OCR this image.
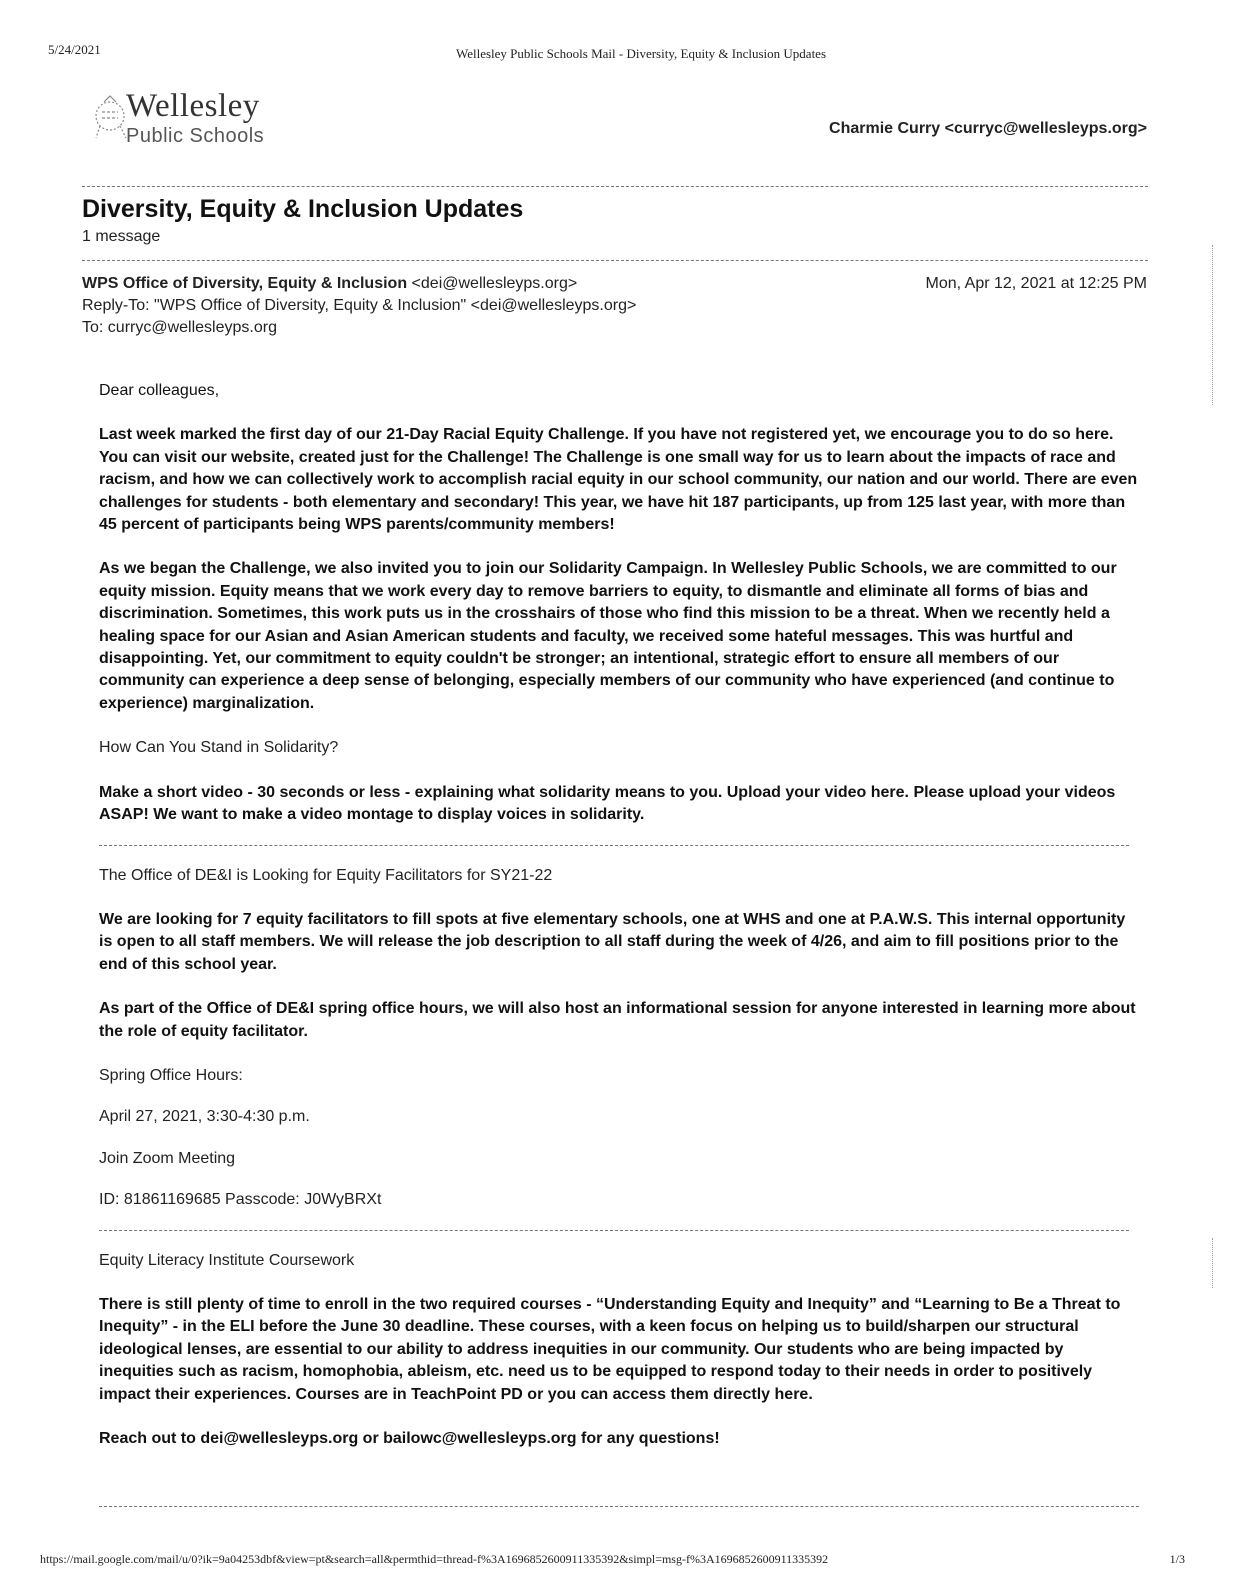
5/24/2021	Wellesley Public Schools Mail - Diversity, Equity & Inclusion Updates
Wellesley
Public Schools	Charmie Curry <curryc@wellesleyps.org>
Diversity, Equity & Inclusion Updates
1 message
WPS Office of Diversity, Equity & Inclusion <dei@wellesleyps.org>	Mon, Apr 12, 2021 at 12:25 PM
Reply-To: "WPS Office of Diversity, Equity & Inclusion" <dei@wellesleyps.org>
To: curryc@wellesleyps.org

Dear colleagues,

Last week marked the first day of our 21-Day Racial Equity Challenge. If you have not registered yet, we encourage you to do so here. You can visit our website, created just for the Challenge! The Challenge is one small way for us to learn about the impacts of race and racism, and how we can collectively work to accomplish racial equity in our school community, our nation and our world. There are even challenges for students - both elementary and secondary! This year, we have hit 187 participants, up from 125 last year, with more than 45 percent of participants being WPS parents/community members!

As we began the Challenge, we also invited you to join our Solidarity Campaign. In Wellesley Public Schools, we are committed to our equity mission. Equity means that we work every day to remove barriers to equity, to dismantle and eliminate all forms of bias and discrimination. Sometimes, this work puts us in the crosshairs of those who find this mission to be a threat. When we recently held a healing space for our Asian and Asian American students and faculty, we received some hateful messages. This was hurtful and disappointing. Yet, our commitment to equity couldn't be stronger; an intentional, strategic effort to ensure all members of our community can experience a deep sense of belonging, especially members of our community who have experienced (and continue to experience) marginalization.

How Can You Stand in Solidarity?

Make a short video - 30 seconds or less - explaining what solidarity means to you. Upload your video here. Please upload your videos ASAP! We want to make a video montage to display voices in solidarity.

The Office of DE&I is Looking for Equity Facilitators for SY21-22

We are looking for 7 equity facilitators to fill spots at five elementary schools, one at WHS and one at P.A.W.S. This internal opportunity is open to all staff members. We will release the job description to all staff during the week of 4/26, and aim to fill positions prior to the end of this school year.

As part of the Office of DE&I spring office hours, we will also host an informational session for anyone interested in learning more about the role of equity facilitator.

Spring Office Hours:

April 27, 2021, 3:30-4:30 p.m.

Join Zoom Meeting

ID: 81861169685 Passcode: J0WyBRXt

Equity Literacy Institute Coursework

There is still plenty of time to enroll in the two required courses - “Understanding Equity and Inequity” and “Learning to Be a Threat to Inequity” - in the ELI before the June 30 deadline. These courses, with a keen focus on helping us to build/sharpen our structural ideological lenses, are essential to our ability to address inequities in our community. Our students who are being impacted by inequities such as racism, homophobia, ableism, etc. need us to be equipped to respond today to their needs in order to positively impact their experiences. Courses are in TeachPoint PD or you can access them directly here.

Reach out to dei@wellesleyps.org or bailowc@wellesleyps.org for any questions!

https://mail.google.com/mail/u/0?ik=9a04253dbf&view=pt&search=all&permthid=thread-f%3A1696852600911335392&simpl=msg-f%3A1696852600911335392	1/3
